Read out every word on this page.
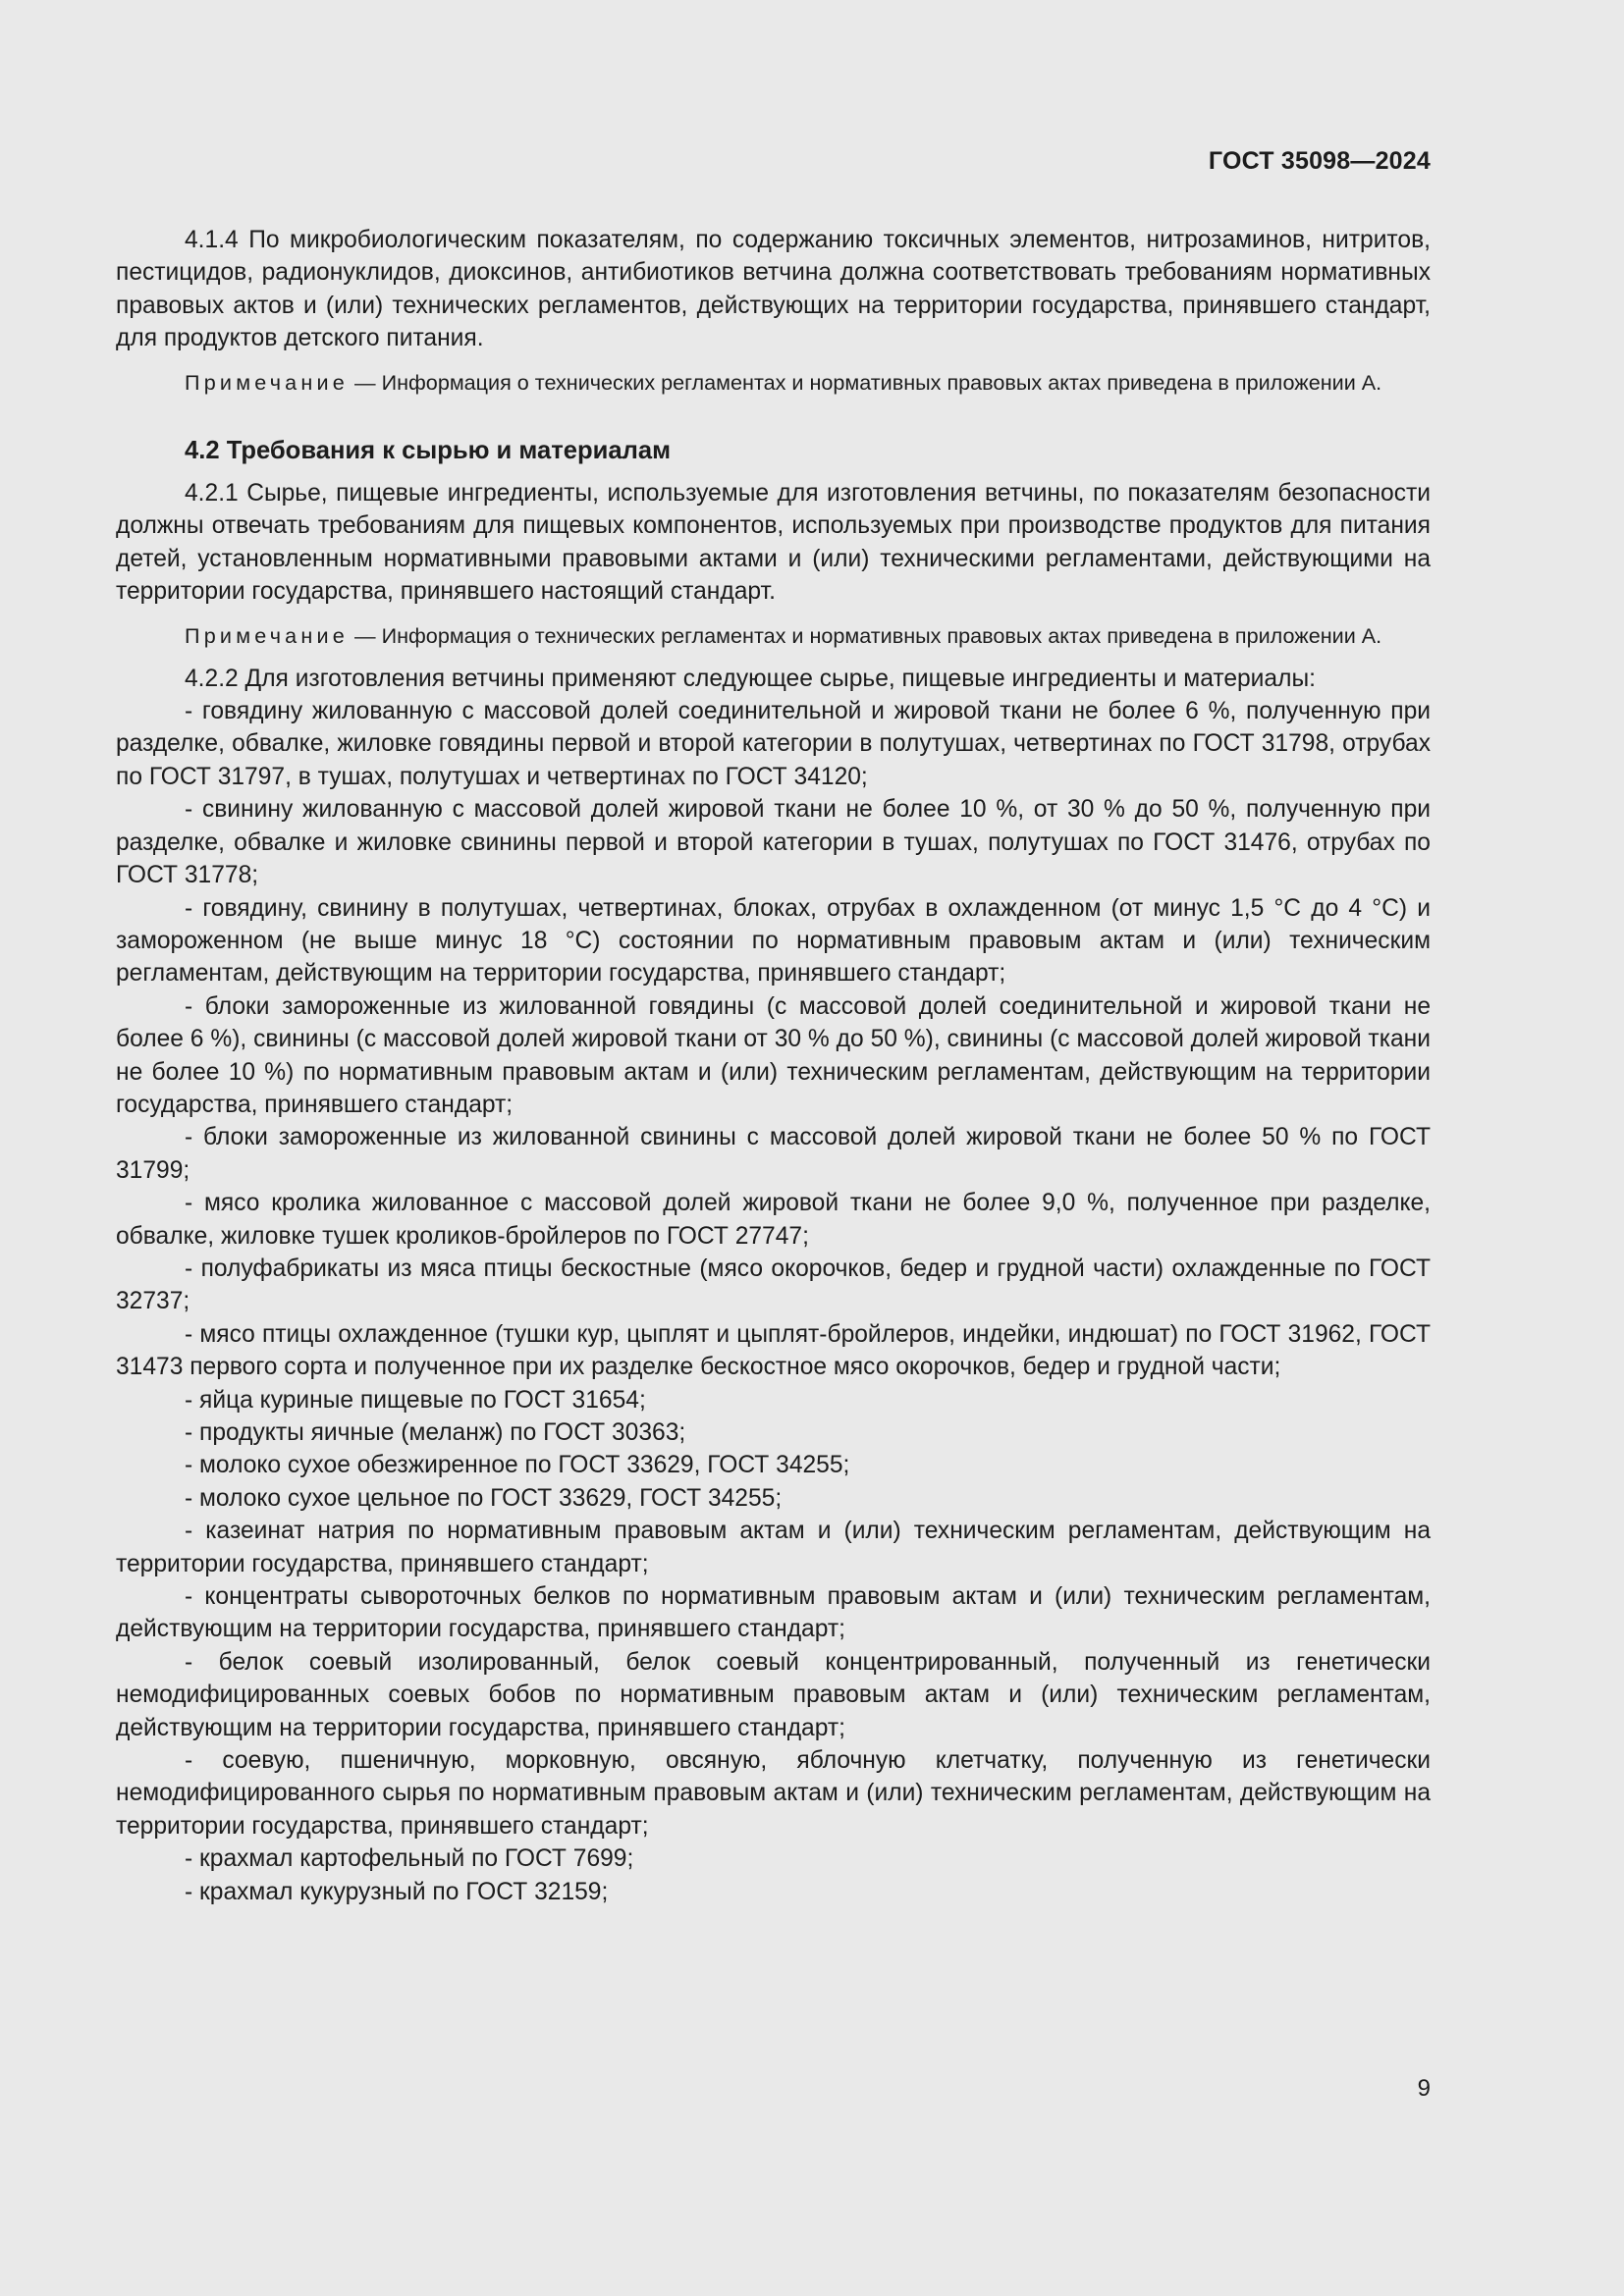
ГОСТ 35098—2024

4.1.4 По микробиологическим показателям, по содержанию токсичных элементов, нитрозаминов, нитритов, пестицидов, радионуклидов, диоксинов, антибиотиков ветчина должна соответствовать требованиям нормативных правовых актов и (или) технических регламентов, действующих на территории государства, принявшего стандарт, для продуктов детского питания.

Примечание — Информация о технических регламентах и нормативных правовых актах приведена в приложении А.

4.2 Требования к сырью и материалам

4.2.1 Сырье, пищевые ингредиенты, используемые для изготовления ветчины, по показателям безопасности должны отвечать требованиям для пищевых компонентов, используемых при производстве продуктов для питания детей, установленным нормативными правовыми актами и (или) техническими регламентами, действующими на территории государства, принявшего настоящий стандарт.

Примечание — Информация о технических регламентах и нормативных правовых актах приведена в приложении А.

4.2.2 Для изготовления ветчины применяют следующее сырье, пищевые ингредиенты и материалы:

- говядину жилованную с массовой долей соединительной и жировой ткани не более 6 %, полученную при разделке, обвалке, жиловке говядины первой и второй категории в полутушах, четвертинах по ГОСТ 31798, отрубах по ГОСТ 31797, в тушах, полутушах и четвертинах по ГОСТ 34120;
- свинину жилованную с массовой долей жировой ткани не более 10 %, от 30 % до 50 %, полученную при разделке, обвалке и жиловке свинины первой и второй категории в тушах, полутушах по ГОСТ 31476, отрубах по ГОСТ 31778;
- говядину, свинину в полутушах, четвертинах, блоках, отрубах в охлажденном (от минус 1,5 °С до 4 °С) и замороженном (не выше минус 18 °С) состоянии по нормативным правовым актам и (или) техническим регламентам, действующим на территории государства, принявшего стандарт;
- блоки замороженные из жилованной говядины (с массовой долей соединительной и жировой ткани не более 6 %), свинины (с массовой долей жировой ткани от 30 % до 50 %), свинины (с массовой долей жировой ткани не более 10 %) по нормативным правовым актам и (или) техническим регламентам, действующим на территории государства, принявшего стандарт;
- блоки замороженные из жилованной свинины с массовой долей жировой ткани не более 50 % по ГОСТ 31799;
- мясо кролика жилованное с массовой долей жировой ткани не более 9,0 %, полученное при разделке, обвалке, жиловке тушек кроликов-бройлеров по ГОСТ 27747;
- полуфабрикаты из мяса птицы бескостные (мясо окорочков, бедер и грудной части) охлажденные по ГОСТ 32737;
- мясо птицы охлажденное (тушки кур, цыплят и цыплят-бройлеров, индейки, индюшат) по ГОСТ 31962, ГОСТ 31473 первого сорта и полученное при их разделке бескостное мясо окорочков, бедер и грудной части;
- яйца куриные пищевые по ГОСТ 31654;
- продукты яичные (меланж) по ГОСТ 30363;
- молоко сухое обезжиренное по ГОСТ 33629, ГОСТ 34255;
- молоко сухое цельное по ГОСТ 33629, ГОСТ 34255;
- казеинат натрия по нормативным правовым актам и (или) техническим регламентам, действующим на территории государства, принявшего стандарт;
- концентраты сывороточных белков по нормативным правовым актам и (или) техническим регламентам, действующим на территории государства, принявшего стандарт;
- белок соевый изолированный, белок соевый концентрированный, полученный из генетически немодифицированных соевых бобов по нормативным правовым актам и (или) техническим регламентам, действующим на территории государства, принявшего стандарт;
- соевую, пшеничную, морковную, овсяную, яблочную клетчатку, полученную из генетически немодифицированного сырья по нормативным правовым актам и (или) техническим регламентам, действующим на территории государства, принявшего стандарт;
- крахмал картофельный по ГОСТ 7699;
- крахмал кукурузный по ГОСТ 32159;
9
